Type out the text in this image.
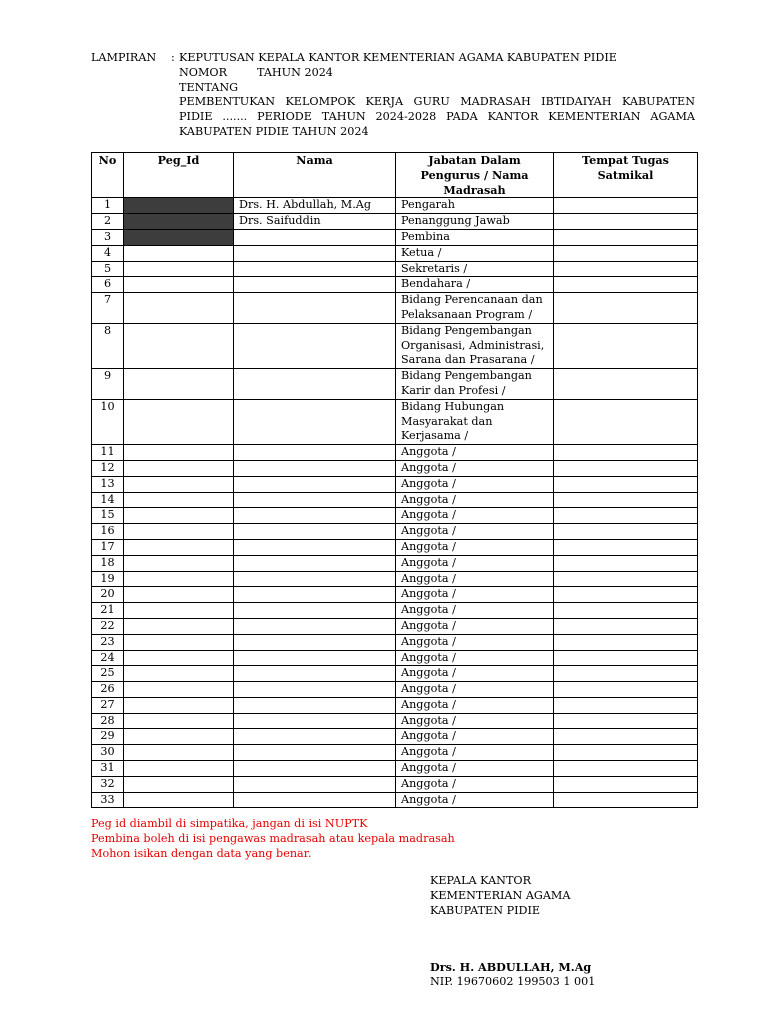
LAMPIRAN : KEPUTUSAN KEPALA KANTOR KEMENTERIAN AGAMA KABUPATEN PIDIE
NOMOR	TAHUN 2024
TENTANG
PEMBENTUKAN KELOMPOK KERJA GURU MADRASAH IBTIDAIYAH KABUPATEN
PIDIE ....... PERIODE TAHUN 2024-2028 PADA KANTOR KEMENTERIAN AGAMA
KABUPATEN PIDIE TAHUN 2024
No	Peg_Id	Nama	Jabatan Dalam Pengurus / Nama Madrasah	Tempat Tugas Satmikal
1		Drs. H. Abdullah, M.Ag	Pengarah	
2		Drs. Saifuddin	Penanggung Jawab	
3			Pembina	
4			Ketua /	
5			Sekretaris /	
6			Bendahara /	
7			Bidang Perencanaan dan Pelaksanaan Program /	
8			Bidang Pengembangan Organisasi, Administrasi, Sarana dan Prasarana /	
9			Bidang Pengembangan Karir dan Profesi /	
10			Bidang Hubungan Masyarakat dan Kerjasama /	
11			Anggota /	
12			Anggota /	
13			Anggota /	
14			Anggota /	
15			Anggota /	
16			Anggota /	
17			Anggota /	
18			Anggota /	
19			Anggota /	
20			Anggota /	
21			Anggota /	
22			Anggota /	
23			Anggota /	
24			Anggota /	
25			Anggota /	
26			Anggota /	
27			Anggota /	
28			Anggota /	
29			Anggota /	
30			Anggota /	
31			Anggota /	
32			Anggota /	
33			Anggota /	
Peg id diambil di simpatika, jangan di isi NUPTK
Pembina boleh di isi pengawas madrasah atau kepala madrasah
Mohon isikan dengan data yang benar.
KEPALA KANTOR
KEMENTERIAN AGAMA
KABUPATEN PIDIE
Drs. H. ABDULLAH, M.Ag
NIP. 19670602 199503 1 001
